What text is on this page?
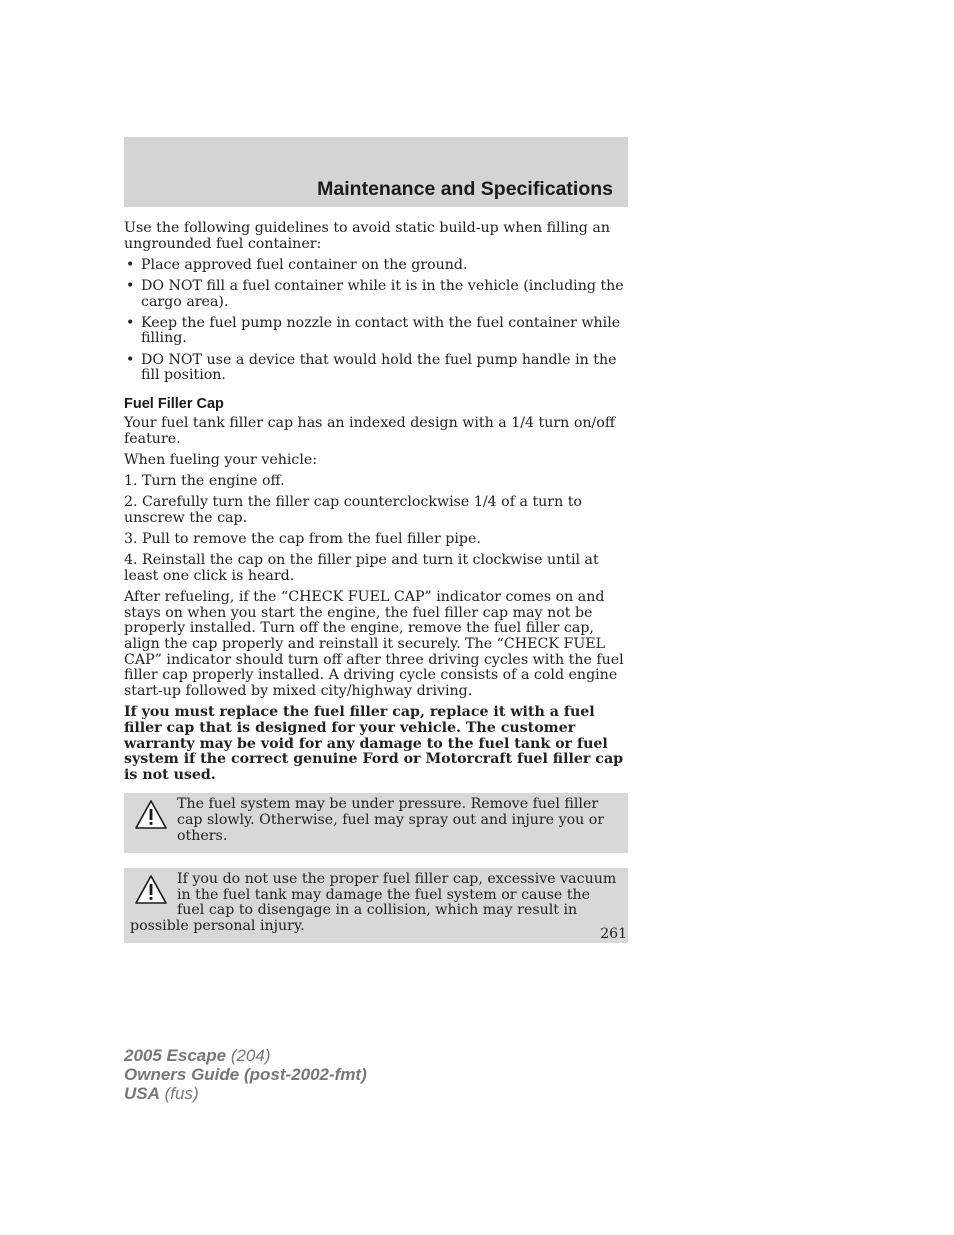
Maintenance and Specifications

Use the following guidelines to avoid static build-up when filling an ungrounded fuel container:

• Place approved fuel container on the ground.
• DO NOT fill a fuel container while it is in the vehicle (including the cargo area).
• Keep the fuel pump nozzle in contact with the fuel container while filling.
• DO NOT use a device that would hold the fuel pump handle in the fill position.

Fuel Filler Cap

Your fuel tank filler cap has an indexed design with a 1/4 turn on/off feature.

When fueling your vehicle:

1. Turn the engine off.

2. Carefully turn the filler cap counterclockwise 1/4 of a turn to unscrew the cap.

3. Pull to remove the cap from the fuel filler pipe.

4. Reinstall the cap on the filler pipe and turn it clockwise until at least one click is heard.

After refueling, if the “CHECK FUEL CAP” indicator comes on and stays on when you start the engine, the fuel filler cap may not be properly installed. Turn off the engine, remove the fuel filler cap, align the cap properly and reinstall it securely. The “CHECK FUEL CAP” indicator should turn off after three driving cycles with the fuel filler cap properly installed. A driving cycle consists of a cold engine start-up followed by mixed city/highway driving.

If you must replace the fuel filler cap, replace it with a fuel filler cap that is designed for your vehicle. The customer warranty may be void for any damage to the fuel tank or fuel system if the correct genuine Ford or Motorcraft fuel filler cap is not used.

The fuel system may be under pressure. Remove fuel filler cap slowly. Otherwise, fuel may spray out and injure you or others.
If you do not use the proper fuel filler cap, excessive vacuum in the fuel tank may damage the fuel system or cause the fuel cap to disengage in a collision, which may result in possible personal injury.
261
2005 Escape (204)
Owners Guide (post-2002-fmt)
USA (fus)
